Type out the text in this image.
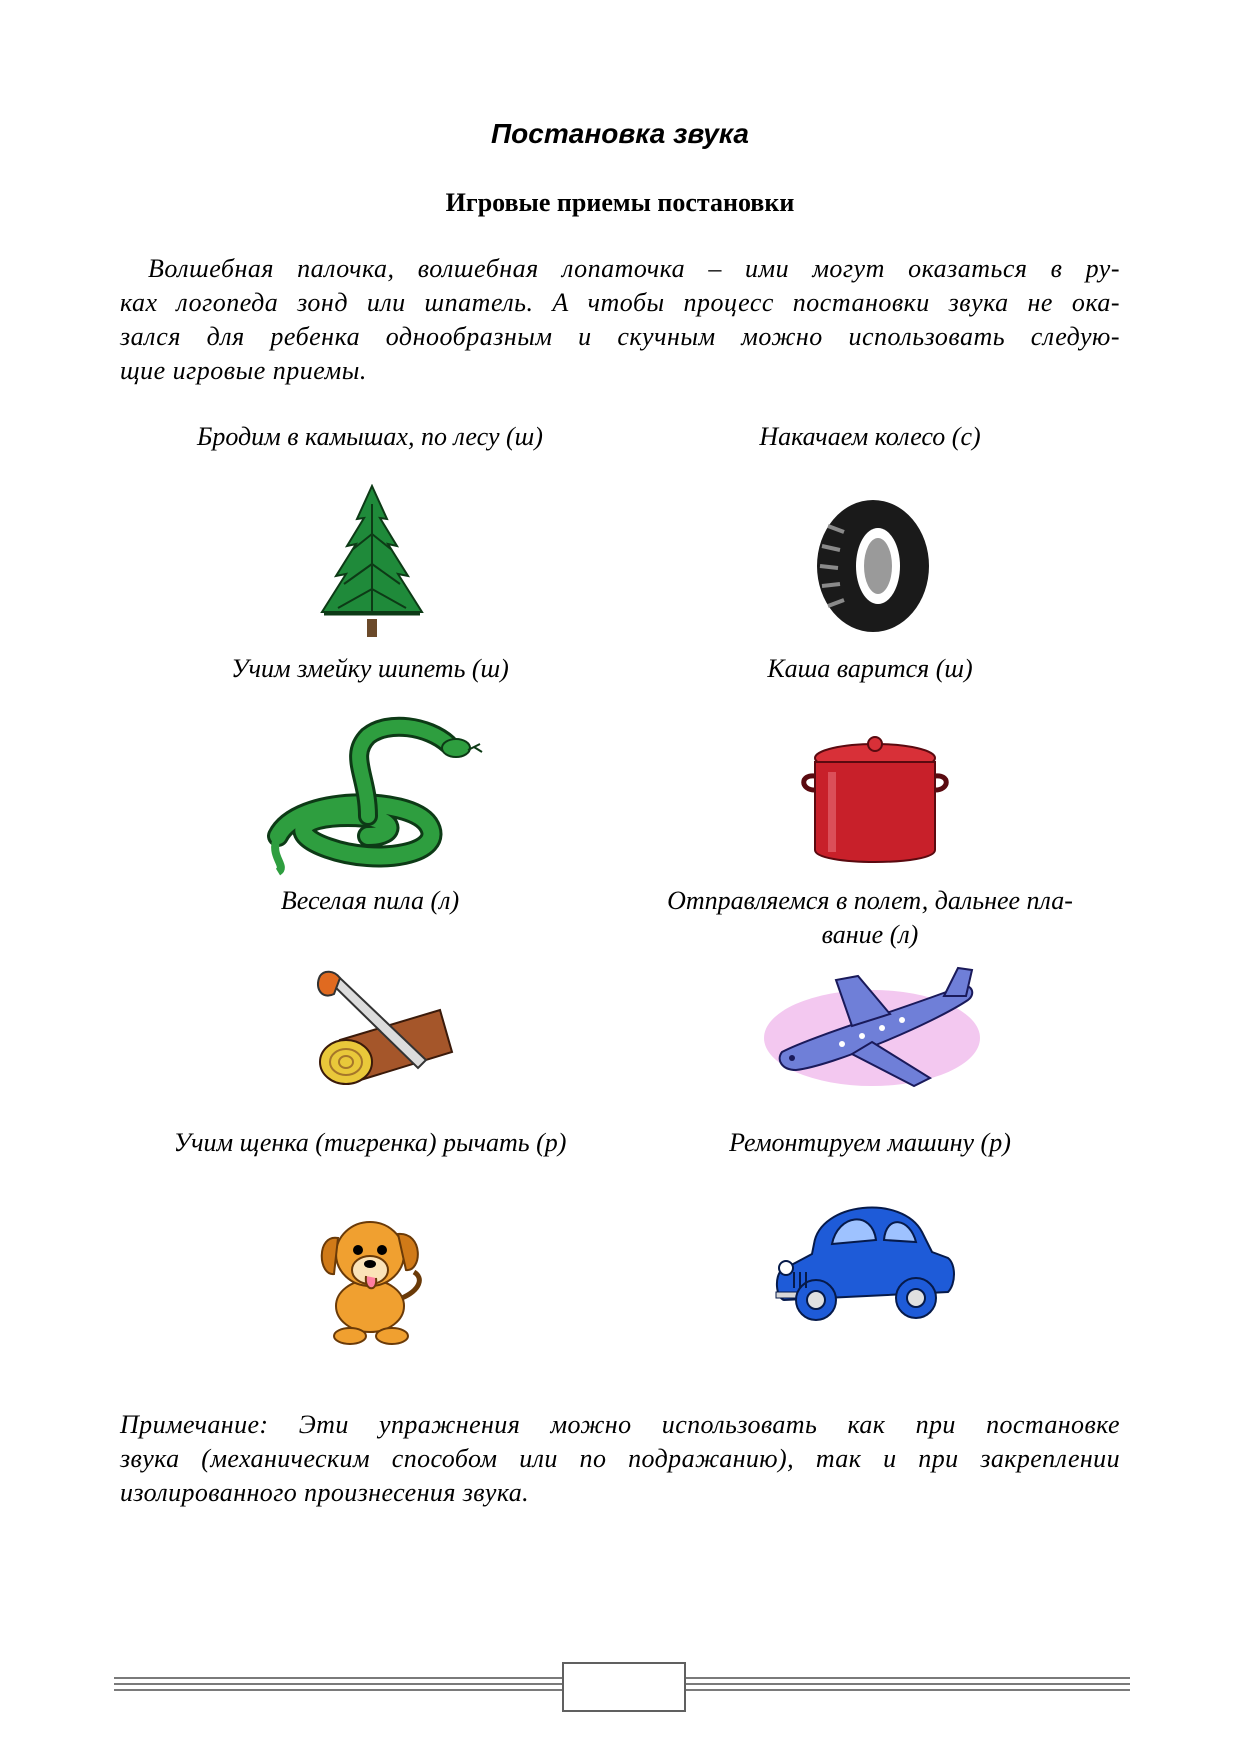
Постановка звука
Игровые приемы постановки

Волшебная палочка, волшебная лопаточка – ими могут оказаться в ру-

ках логопеда зонд или шпатель. А чтобы процесс постановки звука не ока-

зался для ребенка однообразным и скучным можно использовать следую-

щие игровые приемы.

Бродим в камышах, по лесу (ш)	Накачаем колесо (с)
Учим змейку шипеть (ш)	Каша варится (ш)
Веселая пила (л)	Отправляемся в полет, дальнее пла-
вание (л)
Учим щенка (тигренка) рычать (р)	Ремонтируем машину (р)

Примечание: Эти упражнения можно использовать как при постановке

звука (механическим способом или по подражанию), так и при закреплении

изолированного произнесения звука.
